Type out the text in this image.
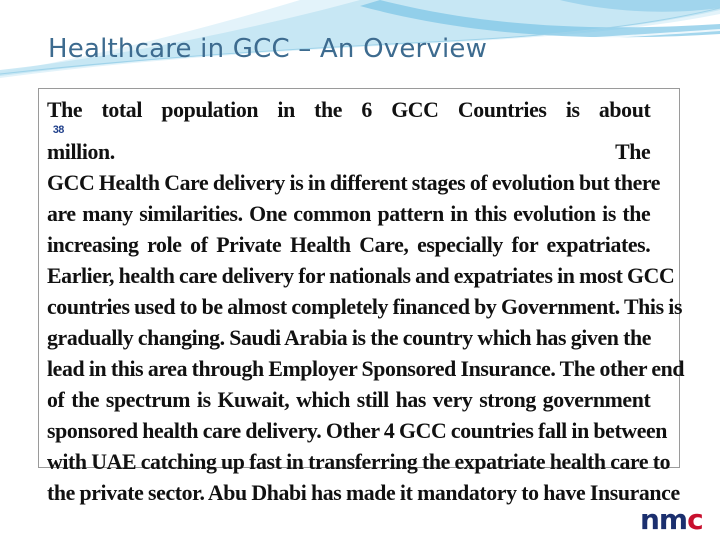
Healthcare in GCC – An Overview
The total population in the 6 GCC Countries is about
38
million. The
GCC Health Care delivery is in different stages of evolution but there
are many similarities. One common pattern in this evolution is the
increasing role of Private Health Care, especially for expatriates.
Earlier, health care delivery for nationals and expatriates in most GCC
countries used to be almost completely financed by Government. This is
gradually changing. Saudi Arabia is the country which has given the
lead in this area through Employer Sponsored Insurance. The other end
of the spectrum is Kuwait, which still has very strong government
sponsored health care delivery. Other 4 GCC countries fall in between
with UAE catching up fast in transferring the expatriate health care to
the private sector. Abu Dhabi has made it mandatory to have Insurance
nmc
